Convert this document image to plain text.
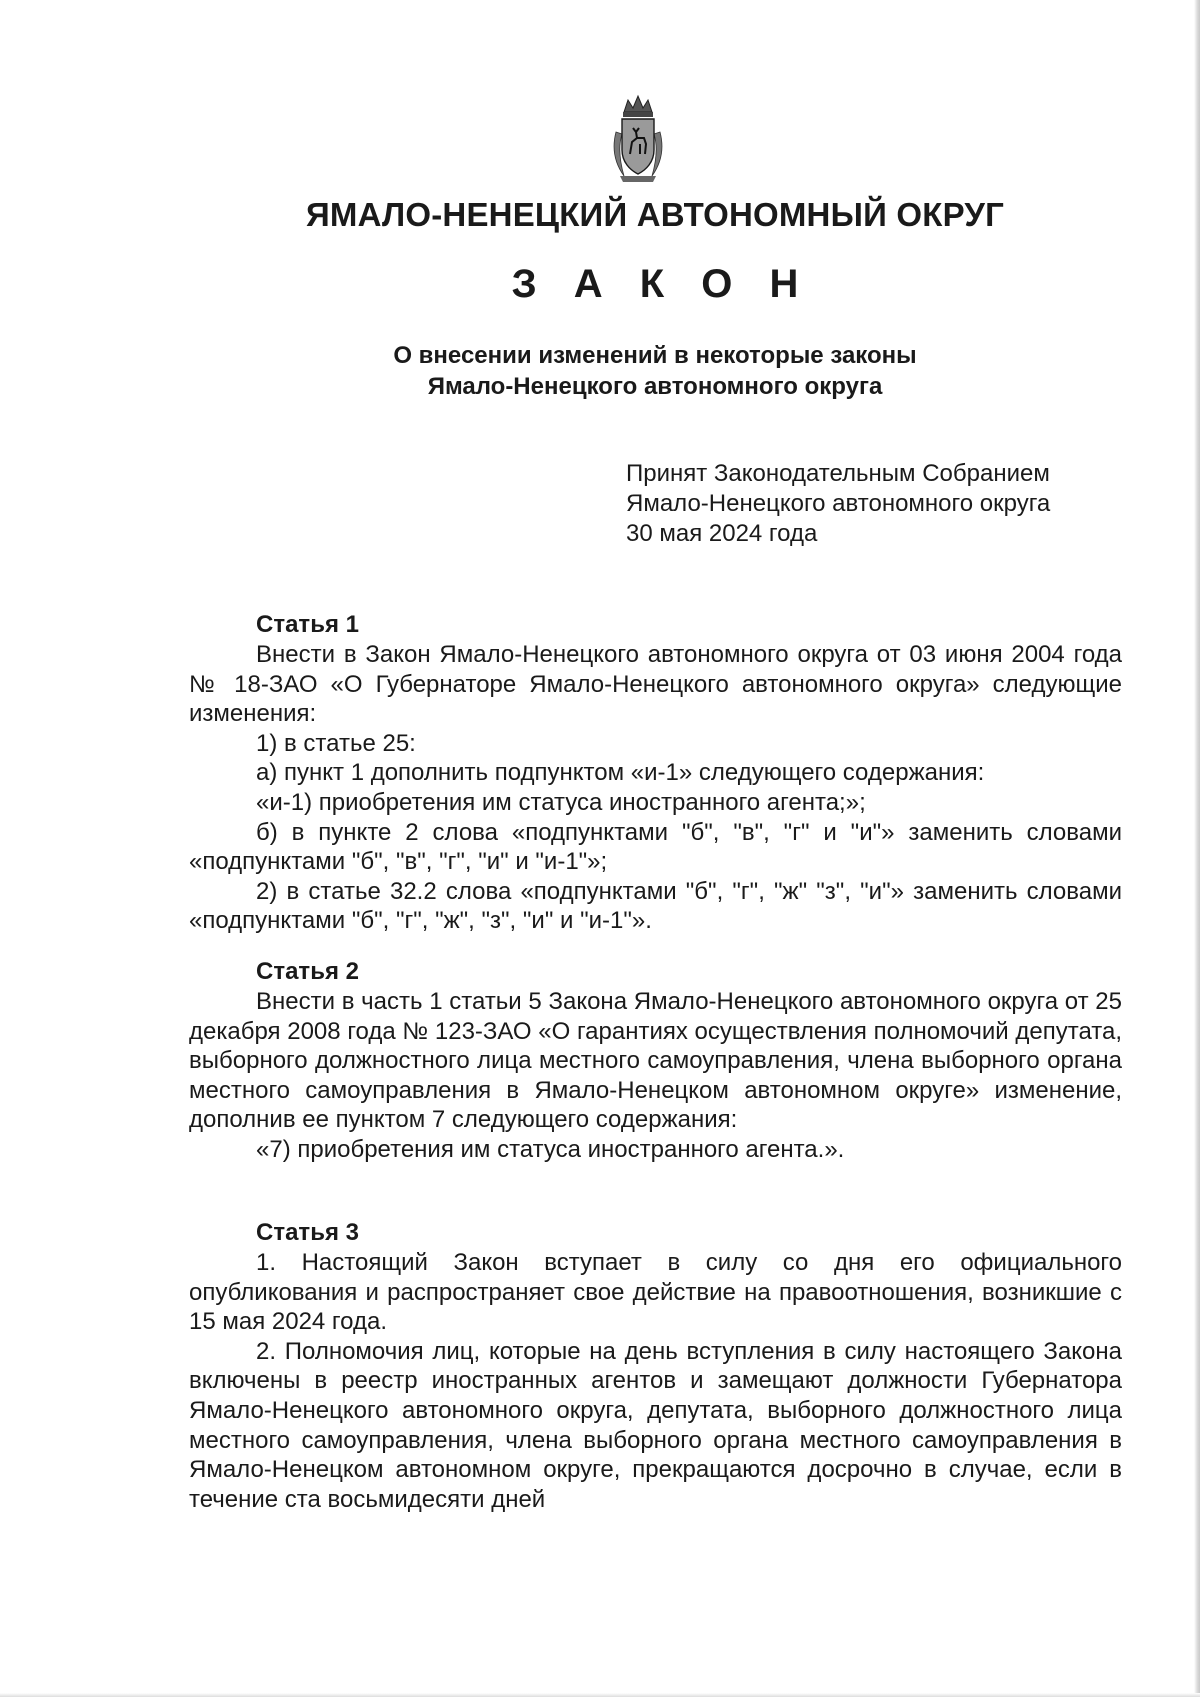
ЯМАЛО-НЕНЕЦКИЙ АВТОНОМНЫЙ ОКРУГ
З А К О Н
О внесении изменений в некоторые законы
Ямало-Ненецкого автономного округа
Принят Законодательным Собранием
Ямало-Ненецкого автономного округа
30 мая 2024 года
Статья 1

Внести в Закон Ямало-Ненецкого автономного округа от 03 июня 2004 года № 18-ЗАО «О Губернаторе Ямало-Ненецкого автономного округа» следующие изменения:

1) в статье 25:

а) пункт 1 дополнить подпунктом «и-1» следующего содержания:

«и-1) приобретения им статуса иностранного агента;»;

б) в пункте 2 слова «подпунктами "б", "в", "г" и "и"» заменить словами «подпунктами "б", "в", "г", "и" и "и-1"»;

2) в статье 32.2 слова «подпунктами "б", "г", "ж" "з", "и"» заменить словами «подпунктами "б", "г", "ж", "з", "и" и "и-1"».

Статья 2

Внести в часть 1 статьи 5 Закона Ямало-Ненецкого автономного округа от 25 декабря 2008 года № 123-ЗАО «О гарантиях осуществления полномочий депутата, выборного должностного лица местного самоуправления, члена выборного органа местного самоуправления в Ямало-Ненецком автономном округе» изменение, дополнив ее пунктом 7 следующего содержания:

«7) приобретения им статуса иностранного агента.».

Статья 3

1. Настоящий Закон вступает в силу со дня его официального опубликования и распространяет свое действие на правоотношения, возникшие с 15 мая 2024 года.

2. Полномочия лиц, которые на день вступления в силу настоящего Закона включены в реестр иностранных агентов и замещают должности Губернатора Ямало-Ненецкого автономного округа, депутата, выборного должностного лица местного самоуправления, члена выборного органа местного самоуправления в Ямало-Ненецком автономном округе, прекращаются досрочно в случае, если в течение ста восьмидесяти дней
